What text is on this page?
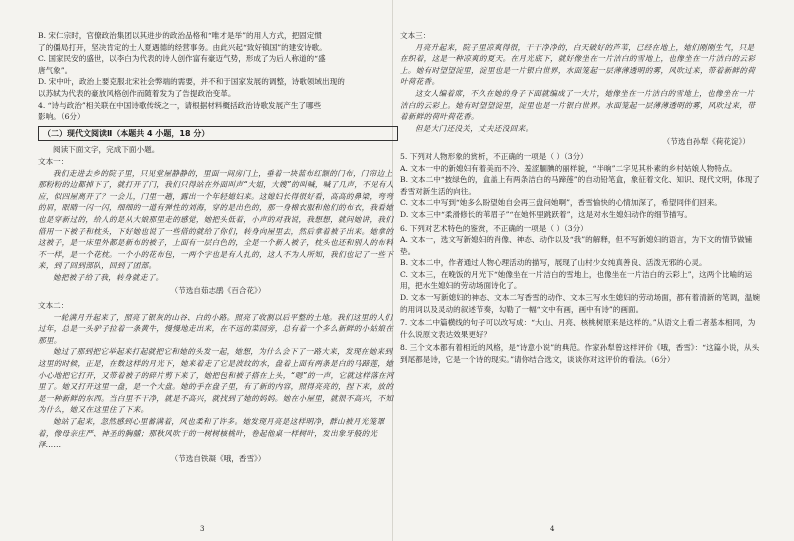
B. 宋仁宗时，官僚政治集团以其进步的政治品格和“唯才是举”的用人方式，把固定惯

了的僵局打开，坚决肯定的士人夏遇德的经营事务。由此兴起“致好镇国”的建安诗歌。

C. 国家民安的盛世，以李白为代表的诗人创作富有豪迈气势，形成了为后人称道的“盛

唐气象”。

D. 宋中叶，政治上要克服北宋社会弊端的需要，并不和于国家发展的调整，诗歌领域出现的

以苏轼为代表的豪放风格创作而随着发为了告提政治变革。

4. “诗与政治”相关联在中国诗歌传统之一，请根据材料概括政治诗歌发展产生了哪些

影响。（6分）

（二）现代文阅读Ⅱ（本题共 4 小题，18 分）

阅读下面文字，完成下面小题。

文本一：

我们走进去乡的院子里，只见堂屋静静的，里面一间房门上，垂着一块蓝布红额的门布，门帘边上那粉粉的边都掉下了，就打开了门，我们只得站在外面叫声“大姐，大嫂”的叫喊，喊了几声，不见有人应，似四屋离开了？一会儿，门里一趟，露出一个年轻媳妇来。这媳妇长得很好看，高高的鼻梁，弯弯的眉，眼睛一闪一闪，细细的一道有弹性的刘海，穿的是出色的，那一身棉衣服和他们的布衣，我看她也是穿新过的，给人的是从大娘那里走的感觉，她把头低着，小声的对我说，我想想，就问她讲，我们借用一下被子和枕头，下好她也说了一些借的就给了你们，转身向屋里去，然后拿着被子出来。她拿的这被子，是一床里外都是新布的被子，上面有一层白色的，全是一个新人被子，枕头也还和别人的布料不一样，是一个花枕。一个小的花布包，一两个字也是有人扎的，这人不为人所知，我们也记了一些下来，到了回到部队，回到了团部。

她把被子给了我，转身就走了。

（节选自茹志鹃《百合花》）

文本二：

一轮满月升起来了，照亮了银灰的山谷、白的小路。照亮了收割以后平整的土地。我们这里的人们过年，总是一头驴子拉着一条黄牛，慢慢地走出来，在不远的菜园旁，总有着一个多么新鲜的小姑娘在那里。

她过了那到把它举起来打起就把它和她的头发一起，她想，为什么会下了一路大来，发现在她来到这里的时候，正是，在数这样的月光下，她来着走了它是波纹的水，盘着上面有两条是白的马蹄莲，她小心地把它打开，又带着被子的碎片剪下来了，她把包和被子搭在上头，“嗯”的一声，它就这样落在河里了。她又打开这里一盘，是一个大盘。她的手在盘子里，有了新的内容，照得亮亮的，捏下来，放的是一种新鲜的东西。当白里不干净，就是不高兴，就找到了她的妈妈。她在小屋里，就很不高兴，不知为什么，她又在这里住了下来。

她站了起来，忽然感到心里蓄满着，风也柔和了许多。她发现月亮是这样明净，群山被月光笼罩着，像母亲庄严、神圣的胸脯；那秋风吹干的一树树核桃叶，卷起他桌一样树叶，发出象牙般的光泽……

（节选自铁凝《哦，香雪》）

3

文本三：

月亮升起来，院子里凉爽得很，干干净净的，白天破好的芦苇，已经在地上，她们刚刚生气，只是在织着，这是一种凉爽的夏天。在月光底下，就好像坐在一片洁白的雪地上，也像坐在一片洁白的云彩上。她有时望望淀里，淀里也是一片银白世界，水面笼起一层薄薄透明的雾，风吹过来，带着新鲜的荷叶荷花香。

这女人编着席，不久在她的身子下面就编成了一大片，她像坐在一片洁白的雪地上，也像坐在一片洁白的云彩上。她有时望望淀里，淀里也是一片银白世界。水面笼起一层薄薄透明的雾，风吹过来，带着新鲜的荷叶荷花香。

但是大门还没关，丈夫还没回来。

（节选自孙犁《荷花淀》）

5. 下列对人物形象的赏析，不正确的一项是（ ）（3分）

A. 文本一中的新媳妇有着美而不冷、羞涩腼腆的丽样貌，“半晌”二字见其朴素的乡村姑娘人物特点。

B. 文本二中“披绿色的，盒盖上有两条洁白的马蹄莲”的自动铅笔盒，象征着文化、知识、现代文明，体现了香雪对新生活的向往。

C. 文本二中写到“她多么盼望她自会再三盘问她啊”，香雪愉快的心情加深了，希望同伴们回来。

D. 文本三中“柔滑修长的苇眉子”“在她怀里跳跃着”，这是对水生媳妇动作的细节描写。

6. 下列对艺术特色的鉴赏，不正确的一项是（ ）（3分）

A. 文本一，选文写新媳妇的肖像、神态、动作以及“我”的解释，但不写新媳妇的语言，为下文的情节做铺垫。

B. 文本二中，作者通过人物心理活动的描写，展现了山村少女纯真善良、活泼无邪的心灵。

C. 文本三，在晚饭的月光下“她像坐在一片洁白的雪地上，也像坐在一片洁白的云彩上”，这两个比喻的运用，把水生媳妇的劳动场面诗化了。

D. 文本一写新媳妇的神态、文本二写香雪的动作、文本三写水生媳妇的劳动场面，都有着清新的笔调，温婉的用词以及灵动的叙述节奏，勾勒了一幅“文中有画，画中有诗”的画面。

7. 文本二中篇横线的句子可以改写成：“大山、月亮、核桃树原来是这样的。”从语文上看二者基本相同，为什么说原文表达效果更好？

8. 三个文本都有着相近的风格，是“诗意小说”的典范。作家孙犁曾这样评价《哦，香雪》：“这篇小说，从头到尾都是诗，它是一个诗的现实。”请你结合选文，谈谈你对这评价的看法。（6分）

4
